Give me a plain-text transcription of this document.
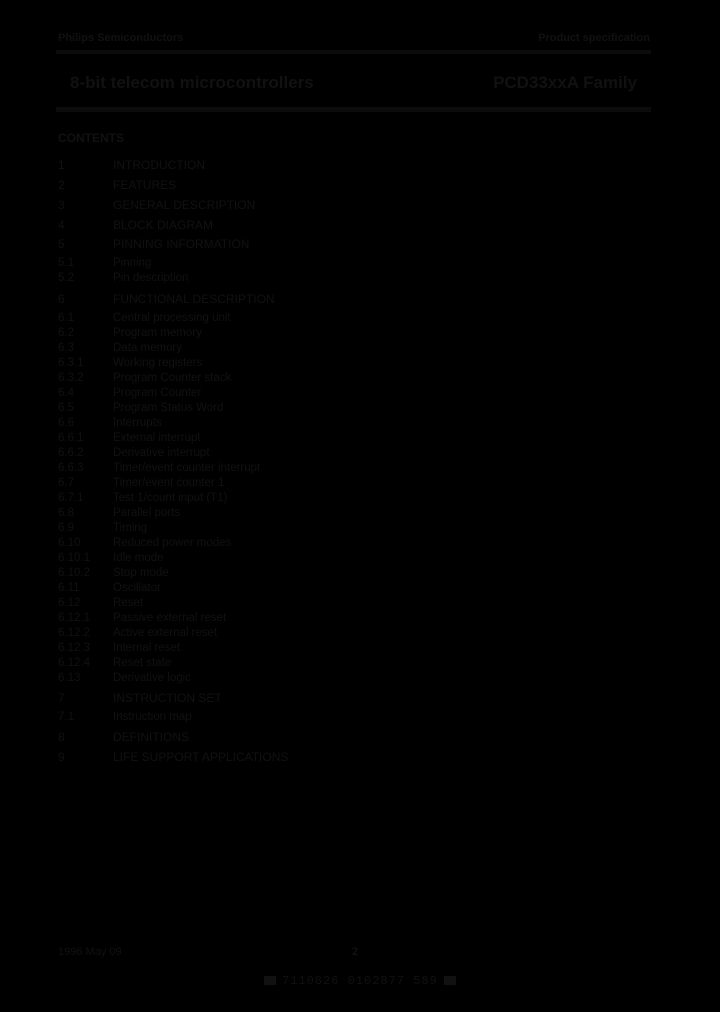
Philips Semiconductors	Product specification
8-bit telecom microcontrollers	PCD33xxA Family
CONTENTS
1	INTRODUCTION
2	FEATURES
3	GENERAL DESCRIPTION
4	BLOCK DIAGRAM
5	PINNING INFORMATION
5.1	Pinning
5.2	Pin description
6	FUNCTIONAL DESCRIPTION
6.1	Central processing unit
6.2	Program memory
6.3	Data memory
6.3.1	Working registers
6.3.2	Program Counter stack
6.4	Program Counter
6.5	Program Status Word
6.6	Interrupts
6.6.1	External interrupt
6.6.2	Derivative interrupt
6.6.3	Timer/event counter interrupt
6.7	Timer/event counter 1
6.7.1	Test 1/count input (T1)
6.8	Parallel ports
6.9	Timing
6.10	Reduced power modes
6.10.1 Idle mode
6.10.2 Stop mode
6.11	Oscillator
6.12	Reset
6.12.1 Passive external reset
6.12.2 Active external reset
6.12.3 Internal reset
6.12.4 Reset state
6.13	Derivative logic
7	INSTRUCTION SET
7.1	Instruction map
8	DEFINITIONS
9	LIFE SUPPORT APPLICATIONS
1996 May 09	2
7110826 0102877 589
